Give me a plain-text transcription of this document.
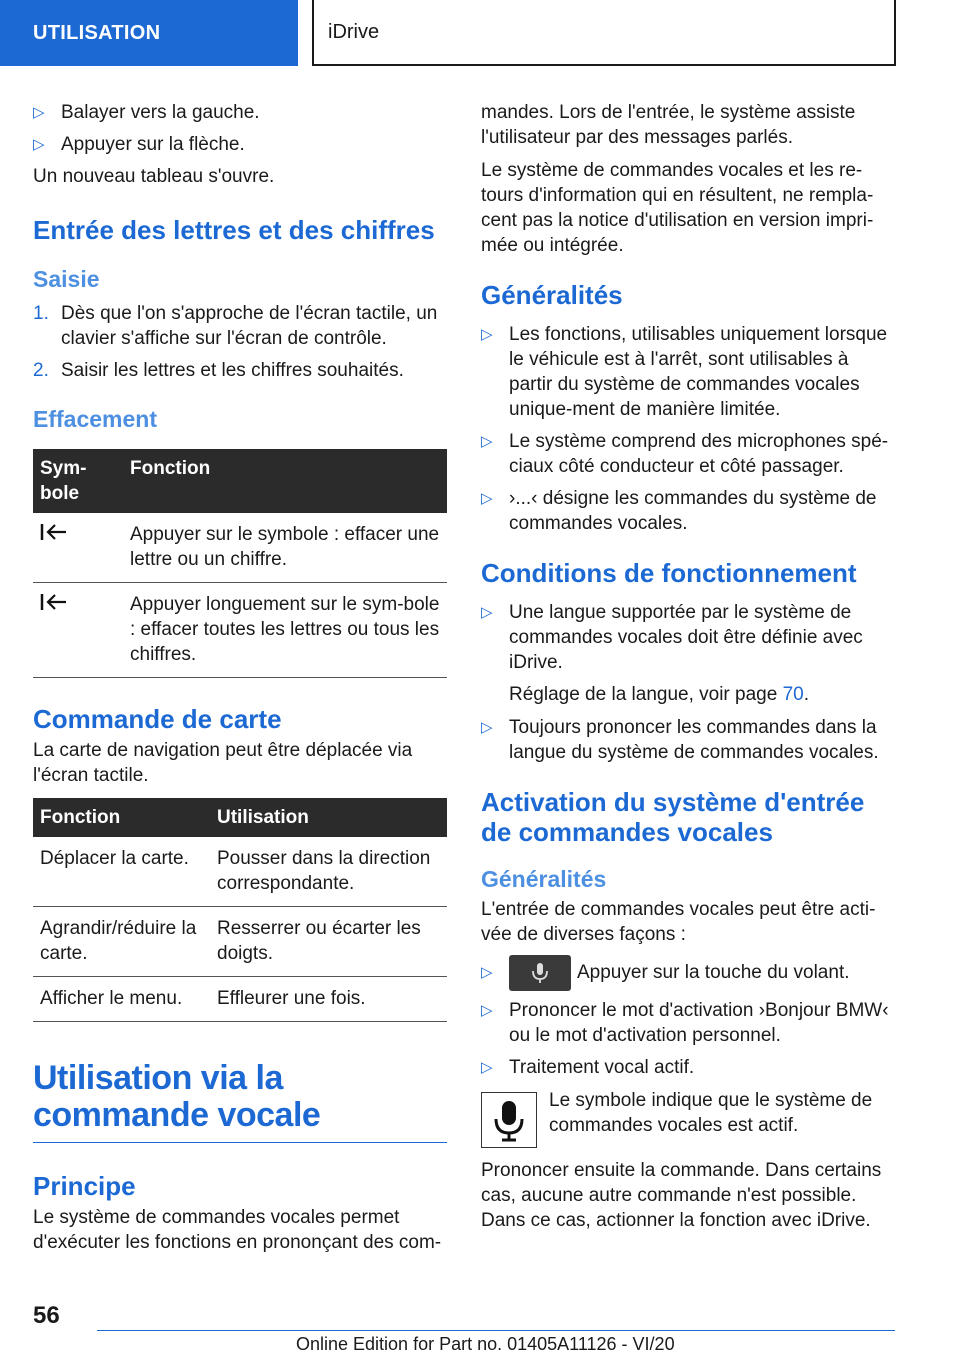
UTILISATION	iDrive
▷ Balayer vers la gauche.
▷ Appuyer sur la flèche.
Un nouveau tableau s'ouvre.
Entrée des lettres et des chiffres
Saisie
1. Dès que l'on s'approche de l'écran tactile, un clavier s'affiche sur l'écran de contrôle.
2. Saisir les lettres et les chiffres souhaités.
Effacement
Sym-
bole	Fonction
	Appuyer sur le symbole : effacer une lettre ou un chiffre.
	Appuyer longuement sur le sym-bole : effacer toutes les lettres ou tous les chiffres.
Commande de carte
La carte de navigation peut être déplacée via l'écran tactile.
Fonction	Utilisation
Déplacer la carte.	Pousser dans la direction correspondante.
Agrandir/réduire la carte.	Resserrer ou écarter les doigts.
Afficher le menu.	Effleurer une fois.
Utilisation via la commande vocale
Principe
Le système de commandes vocales permet d'exécuter les fonctions en prononçant des com-
mandes. Lors de l'entrée, le système assiste l'utilisateur par des messages parlés.
Le système de commandes vocales et les re-tours d'information qui en résultent, ne rempla-cent pas la notice d'utilisation en version impri-mée ou intégrée.
Généralités
▷ Les fonctions, utilisables uniquement lorsque le véhicule est à l'arrêt, sont utilisables à partir du système de commandes vocales unique-ment de manière limitée.
▷ Le système comprend des microphones spé-ciaux côté conducteur et côté passager.
▷ ›...‹ désigne les commandes du système de commandes vocales.
Conditions de fonctionnement
▷ Une langue supportée par le système de commandes vocales doit être définie avec iDrive.
Réglage de la langue, voir page 70.
▷ Toujours prononcer les commandes dans la langue du système de commandes vocales.
Activation du système d'entrée de commandes vocales
Généralités
L'entrée de commandes vocales peut être acti-vée de diverses façons :
▷	Appuyer sur la touche du volant.
▷ Prononcer le mot d'activation ›Bonjour BMW‹ ou le mot d'activation personnel.
▷ Traitement vocal actif.
Le symbole indique que le système de commandes vocales est actif.
Prononcer ensuite la commande. Dans certains cas, aucune autre commande n'est possible. Dans ce cas, actionner la fonction avec iDrive.
56
Online Edition for Part no. 01405A11126 - VI/20
